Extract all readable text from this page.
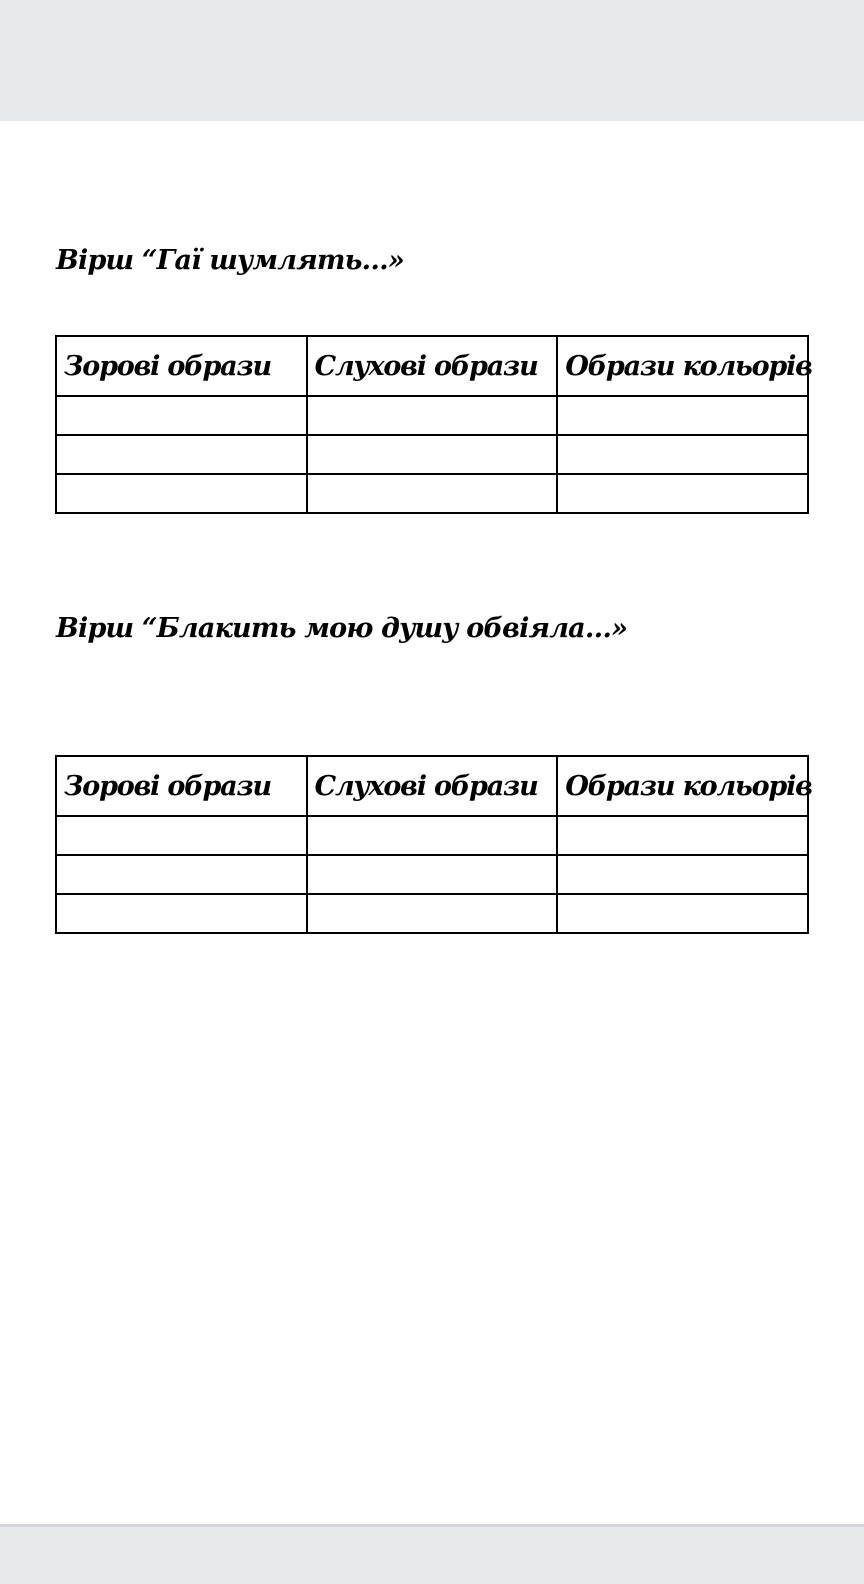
Вірш “Гаї шумлять…»
Зорові образи	Слухові образи	Образи кольорів

Вірш “Блакить мою душу обвіяла…»
Зорові образи	Слухові образи	Образи кольорів
